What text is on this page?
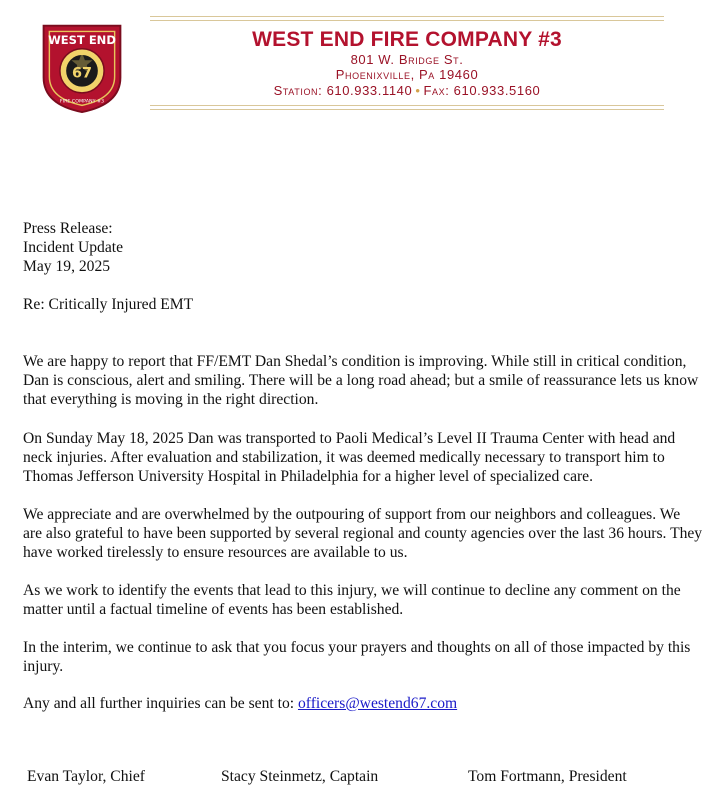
WEST END
67
FIRE COMPANY #3
WEST END FIRE COMPANY #3
801 W. Bridge St.
Phoenixville, Pa 19460
Station: 610.933.1140 • Fax: 610.933.5160
Press Release:
Incident Update
May 19, 2025
Re: Critically Injured EMT
We are happy to report that FF/EMT Dan Shedal’s condition is improving. While still in critical condition, Dan is conscious, alert and smiling. There will be a long road ahead; but a smile of reassurance lets us know that everything is moving in the right direction.
On Sunday May 18, 2025 Dan was transported to Paoli Medical’s Level II Trauma Center with head and neck injuries. After evaluation and stabilization, it was deemed medically necessary to transport him to Thomas Jefferson University Hospital in Philadelphia for a higher level of specialized care.
We appreciate and are overwhelmed by the outpouring of support from our neighbors and colleagues. We are also grateful to have been supported by several regional and county agencies over the last 36 hours. They have worked tirelessly to ensure resources are available to us.
As we work to identify the events that lead to this injury, we will continue to decline any comment on the matter until a factual timeline of events has been established.
In the interim, we continue to ask that you focus your prayers and thoughts on all of those impacted by this injury.
Any and all further inquiries can be sent to: officers@westend67.com
Evan Taylor, Chief	Stacy Steinmetz, Captain	Tom Fortmann, President
